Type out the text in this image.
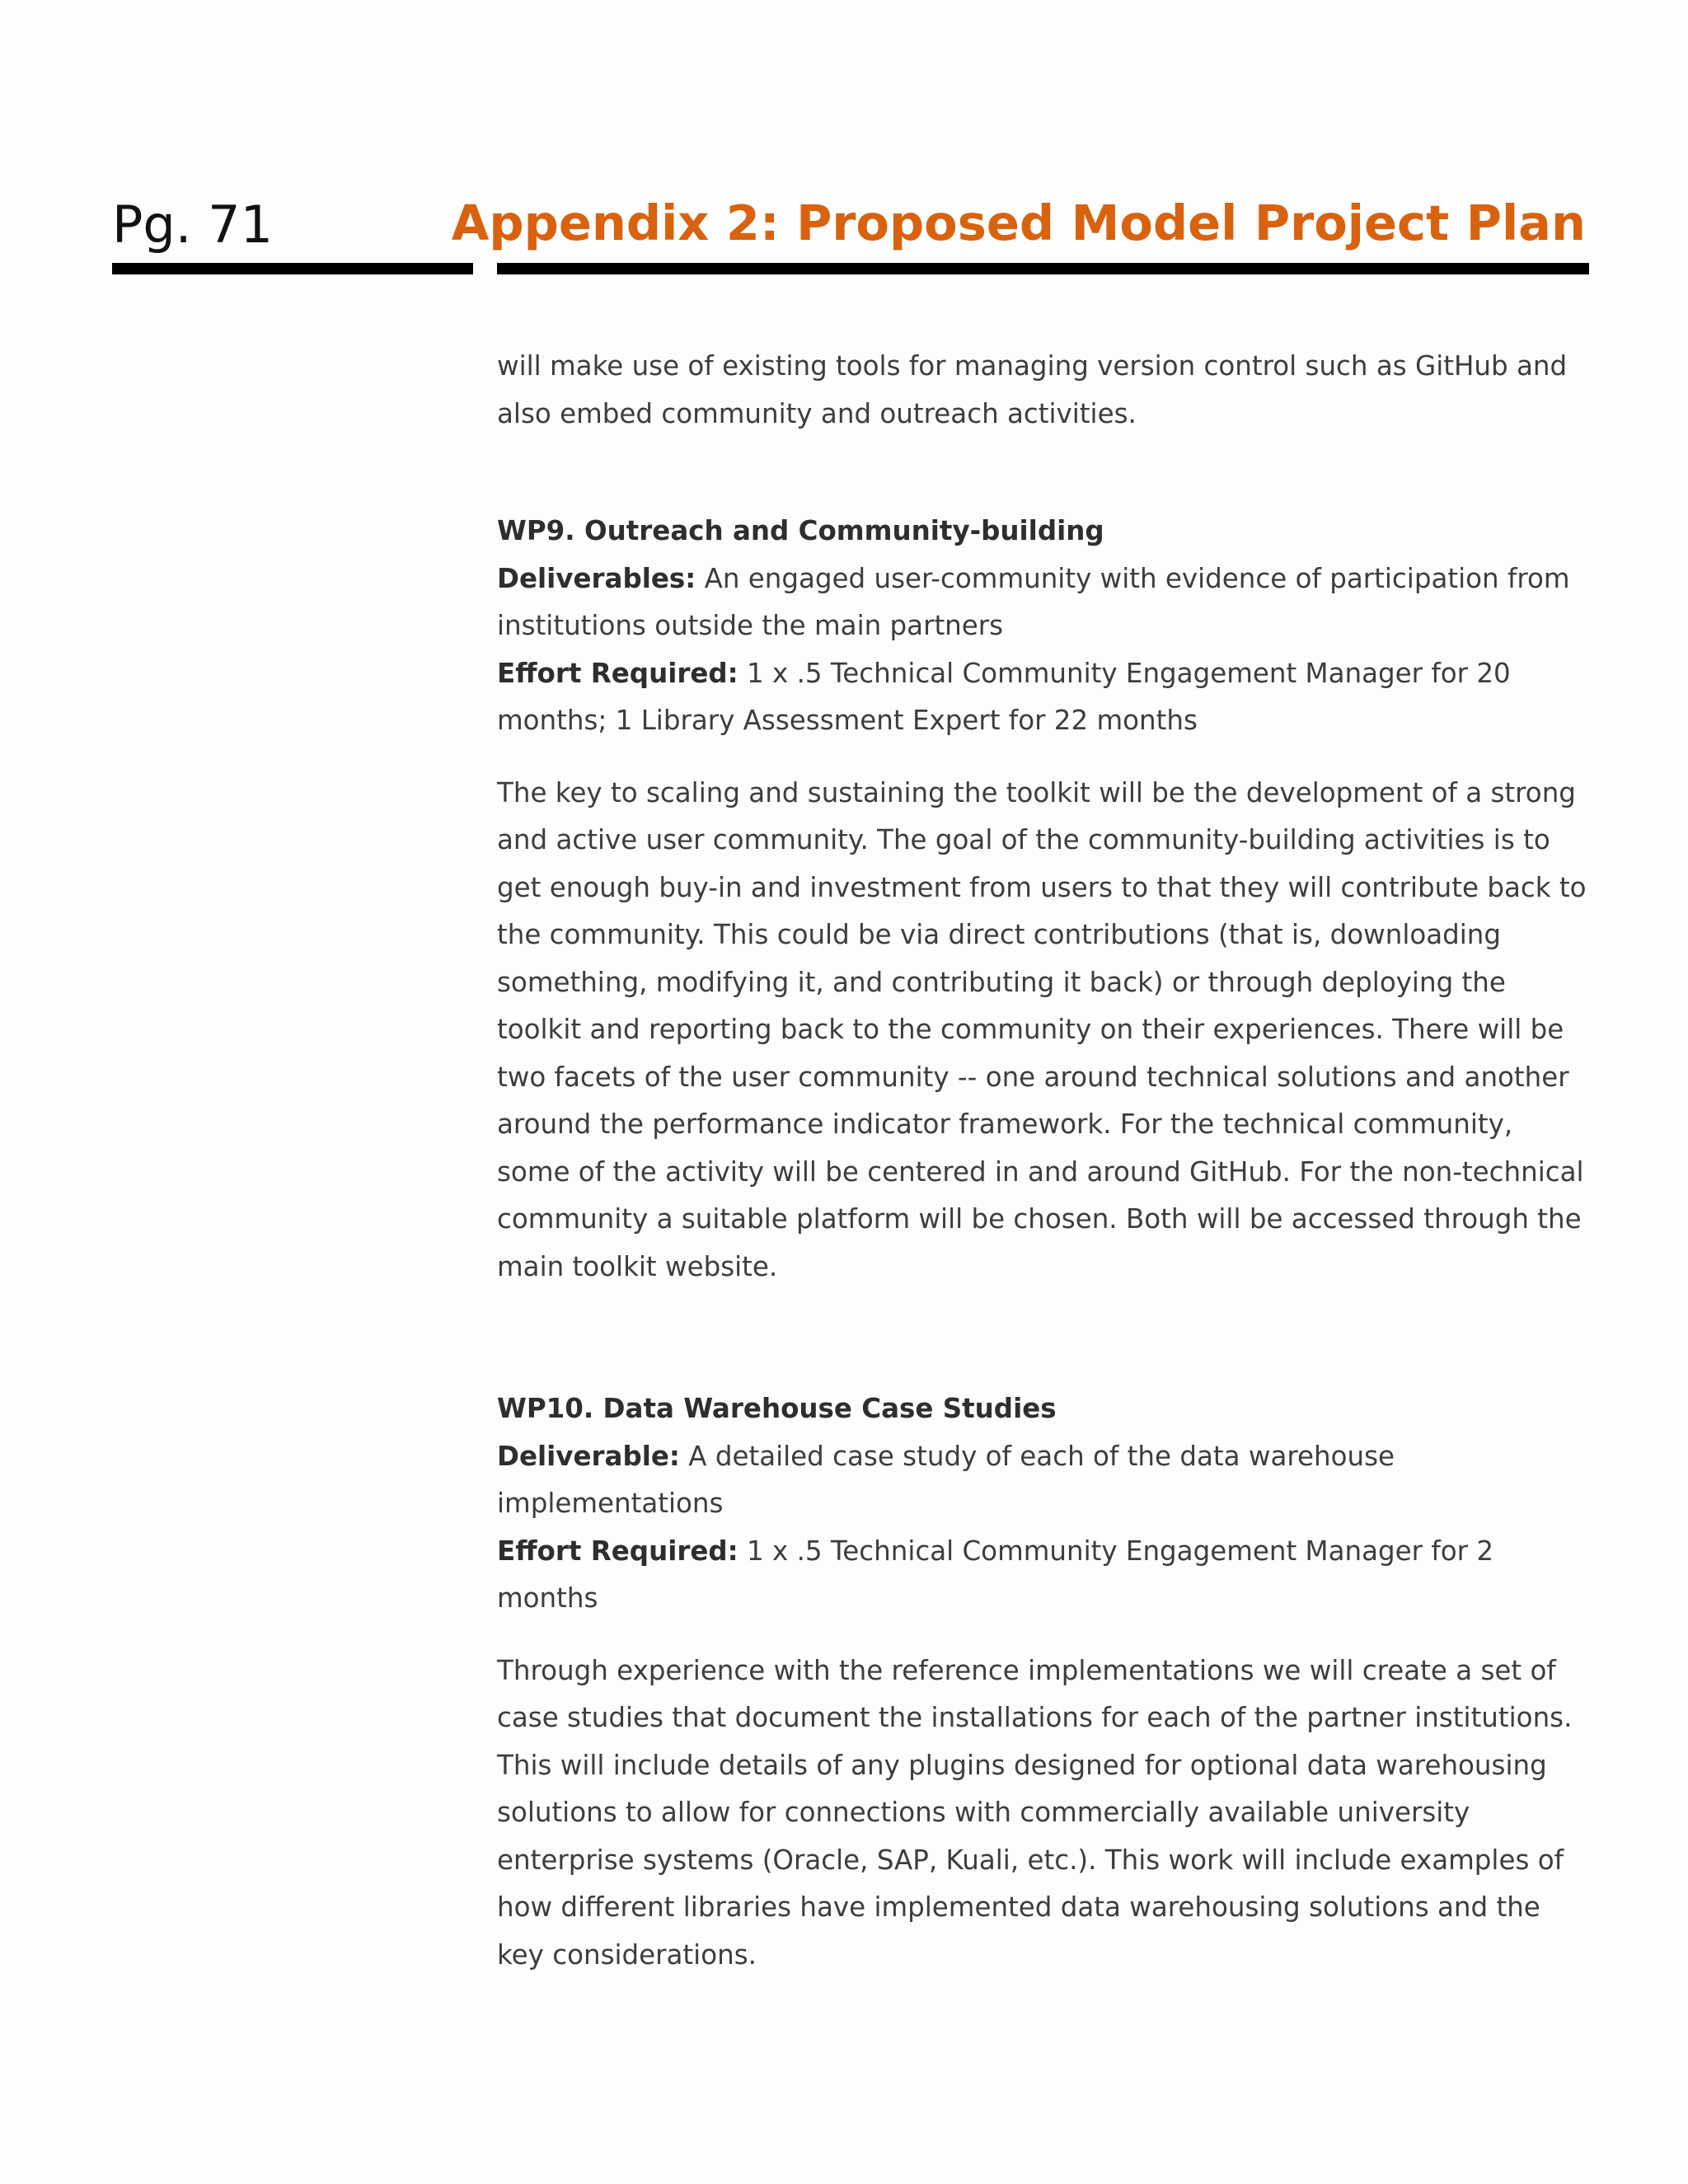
Pg. 71	Appendix 2: Proposed Model Project Plan

will make use of existing tools for managing version control such as GitHub and also embed community and outreach activities.

WP9. Outreach and Community-building

Deliverables: An engaged user-community with evidence of participation from institutions outside the main partners

Effort Required: 1 x .5 Technical Community Engagement Manager for 20 months; 1 Library Assessment Expert for 22 months

The key to scaling and sustaining the toolkit will be the development of a strong and active user community. The goal of the community-building activities is to get enough buy-in and investment from users to that they will contribute back to the community. This could be via direct contributions (that is, downloading something, modifying it, and contributing it back) or through deploying the toolkit and reporting back to the community on their experiences. There will be two facets of the user community -- one around technical solutions and another around the performance indicator framework. For the technical community, some of the activity will be centered in and around GitHub. For the non-technical community a suitable platform will be chosen. Both will be accessed through the main toolkit website.

WP10. Data Warehouse Case Studies

Deliverable: A detailed case study of each of the data warehouse implementations

Effort Required: 1 x .5 Technical Community Engagement Manager for 2 months

Through experience with the reference implementations we will create a set of case studies that document the installations for each of the partner institutions. This will include details of any plugins designed for optional data warehousing solutions to allow for connections with commercially available university enterprise systems (Oracle, SAP, Kuali, etc.). This work will include examples of how different libraries have implemented data warehousing solutions and the key considerations.
